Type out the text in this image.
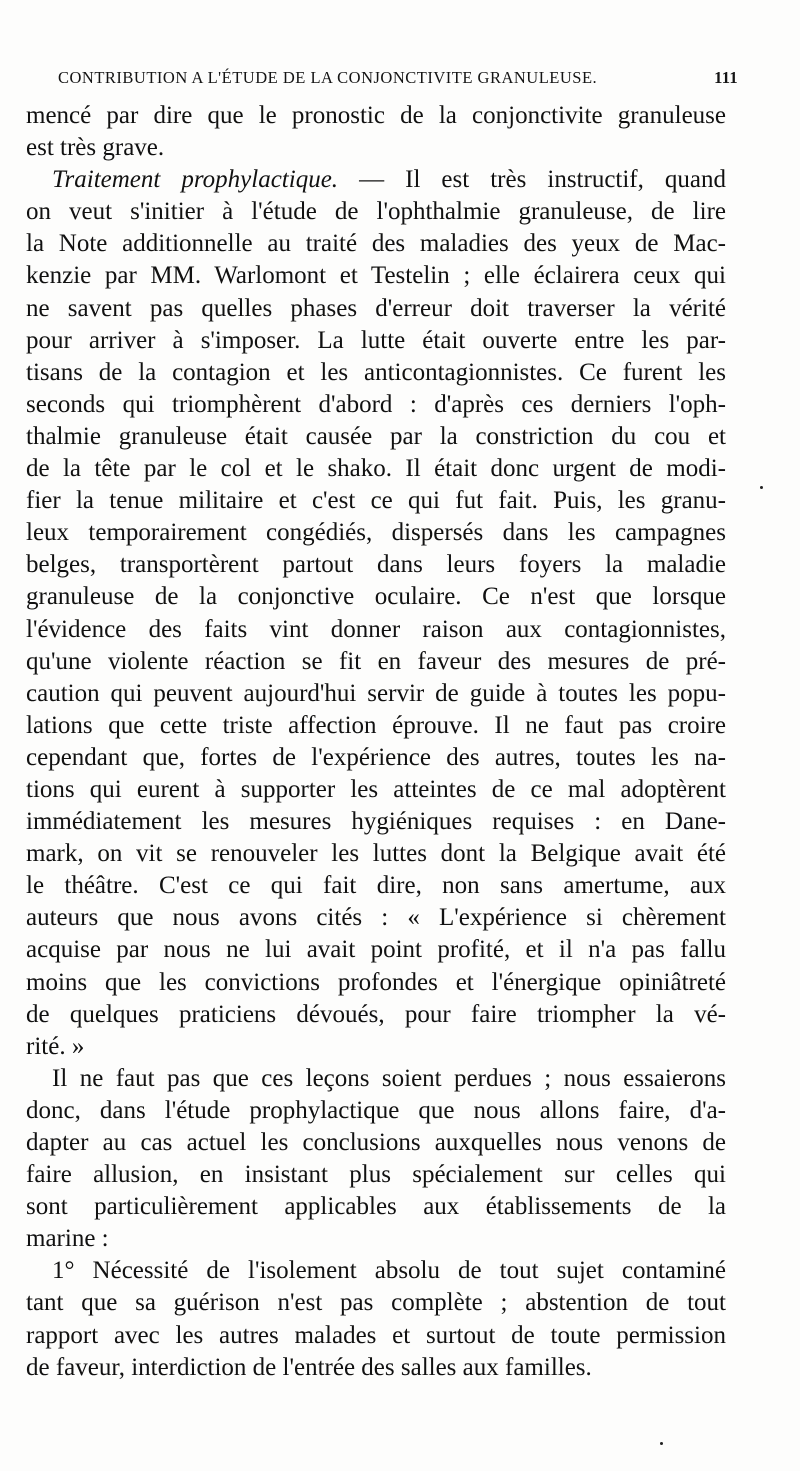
CONTRIBUTION A L'ÉTUDE DE LA CONJONCTIVITE GRANULEUSE.	111

mencé par dire que le pronostic de la conjonctivite granuleuse

est très grave.

Traitement prophylactique. — Il est très instructif, quand

on veut s'initier à l'étude de l'ophthalmie granuleuse, de lire

la Note additionnelle au traité des maladies des yeux de Mac-

kenzie par MM. Warlomont et Testelin ; elle éclairera ceux qui

ne savent pas quelles phases d'erreur doit traverser la vérité

pour arriver à s'imposer. La lutte était ouverte entre les par-

tisans de la contagion et les anticontagionnistes. Ce furent les

seconds qui triomphèrent d'abord : d'après ces derniers l'oph-

thalmie granuleuse était causée par la constriction du cou et

de la tête par le col et le shako. Il était donc urgent de modi-

fier la tenue militaire et c'est ce qui fut fait. Puis, les granu-

leux temporairement congédiés, dispersés dans les campagnes

belges, transportèrent partout dans leurs foyers la maladie

granuleuse de la conjonctive oculaire. Ce n'est que lorsque

l'évidence des faits vint donner raison aux contagionnistes,

qu'une violente réaction se fit en faveur des mesures de pré-

caution qui peuvent aujourd'hui servir de guide à toutes les popu-

lations que cette triste affection éprouve. Il ne faut pas croire

cependant que, fortes de l'expérience des autres, toutes les na-

tions qui eurent à supporter les atteintes de ce mal adoptèrent

immédiatement les mesures hygiéniques requises : en Dane-

mark, on vit se renouveler les luttes dont la Belgique avait été

le théâtre. C'est ce qui fait dire, non sans amertume, aux

auteurs que nous avons cités : « L'expérience si chèrement

acquise par nous ne lui avait point profité, et il n'a pas fallu

moins que les convictions profondes et l'énergique opiniâtreté

de quelques praticiens dévoués, pour faire triompher la vé-

rité. »

Il ne faut pas que ces leçons soient perdues ; nous essaierons

donc, dans l'étude prophylactique que nous allons faire, d'a-

dapter au cas actuel les conclusions auxquelles nous venons de

faire allusion, en insistant plus spécialement sur celles qui

sont particulièrement applicables aux établissements de la

marine :

1° Nécessité de l'isolement absolu de tout sujet contaminé

tant que sa guérison n'est pas complète ; abstention de tout

rapport avec les autres malades et surtout de toute permission

de faveur, interdiction de l'entrée des salles aux familles.
